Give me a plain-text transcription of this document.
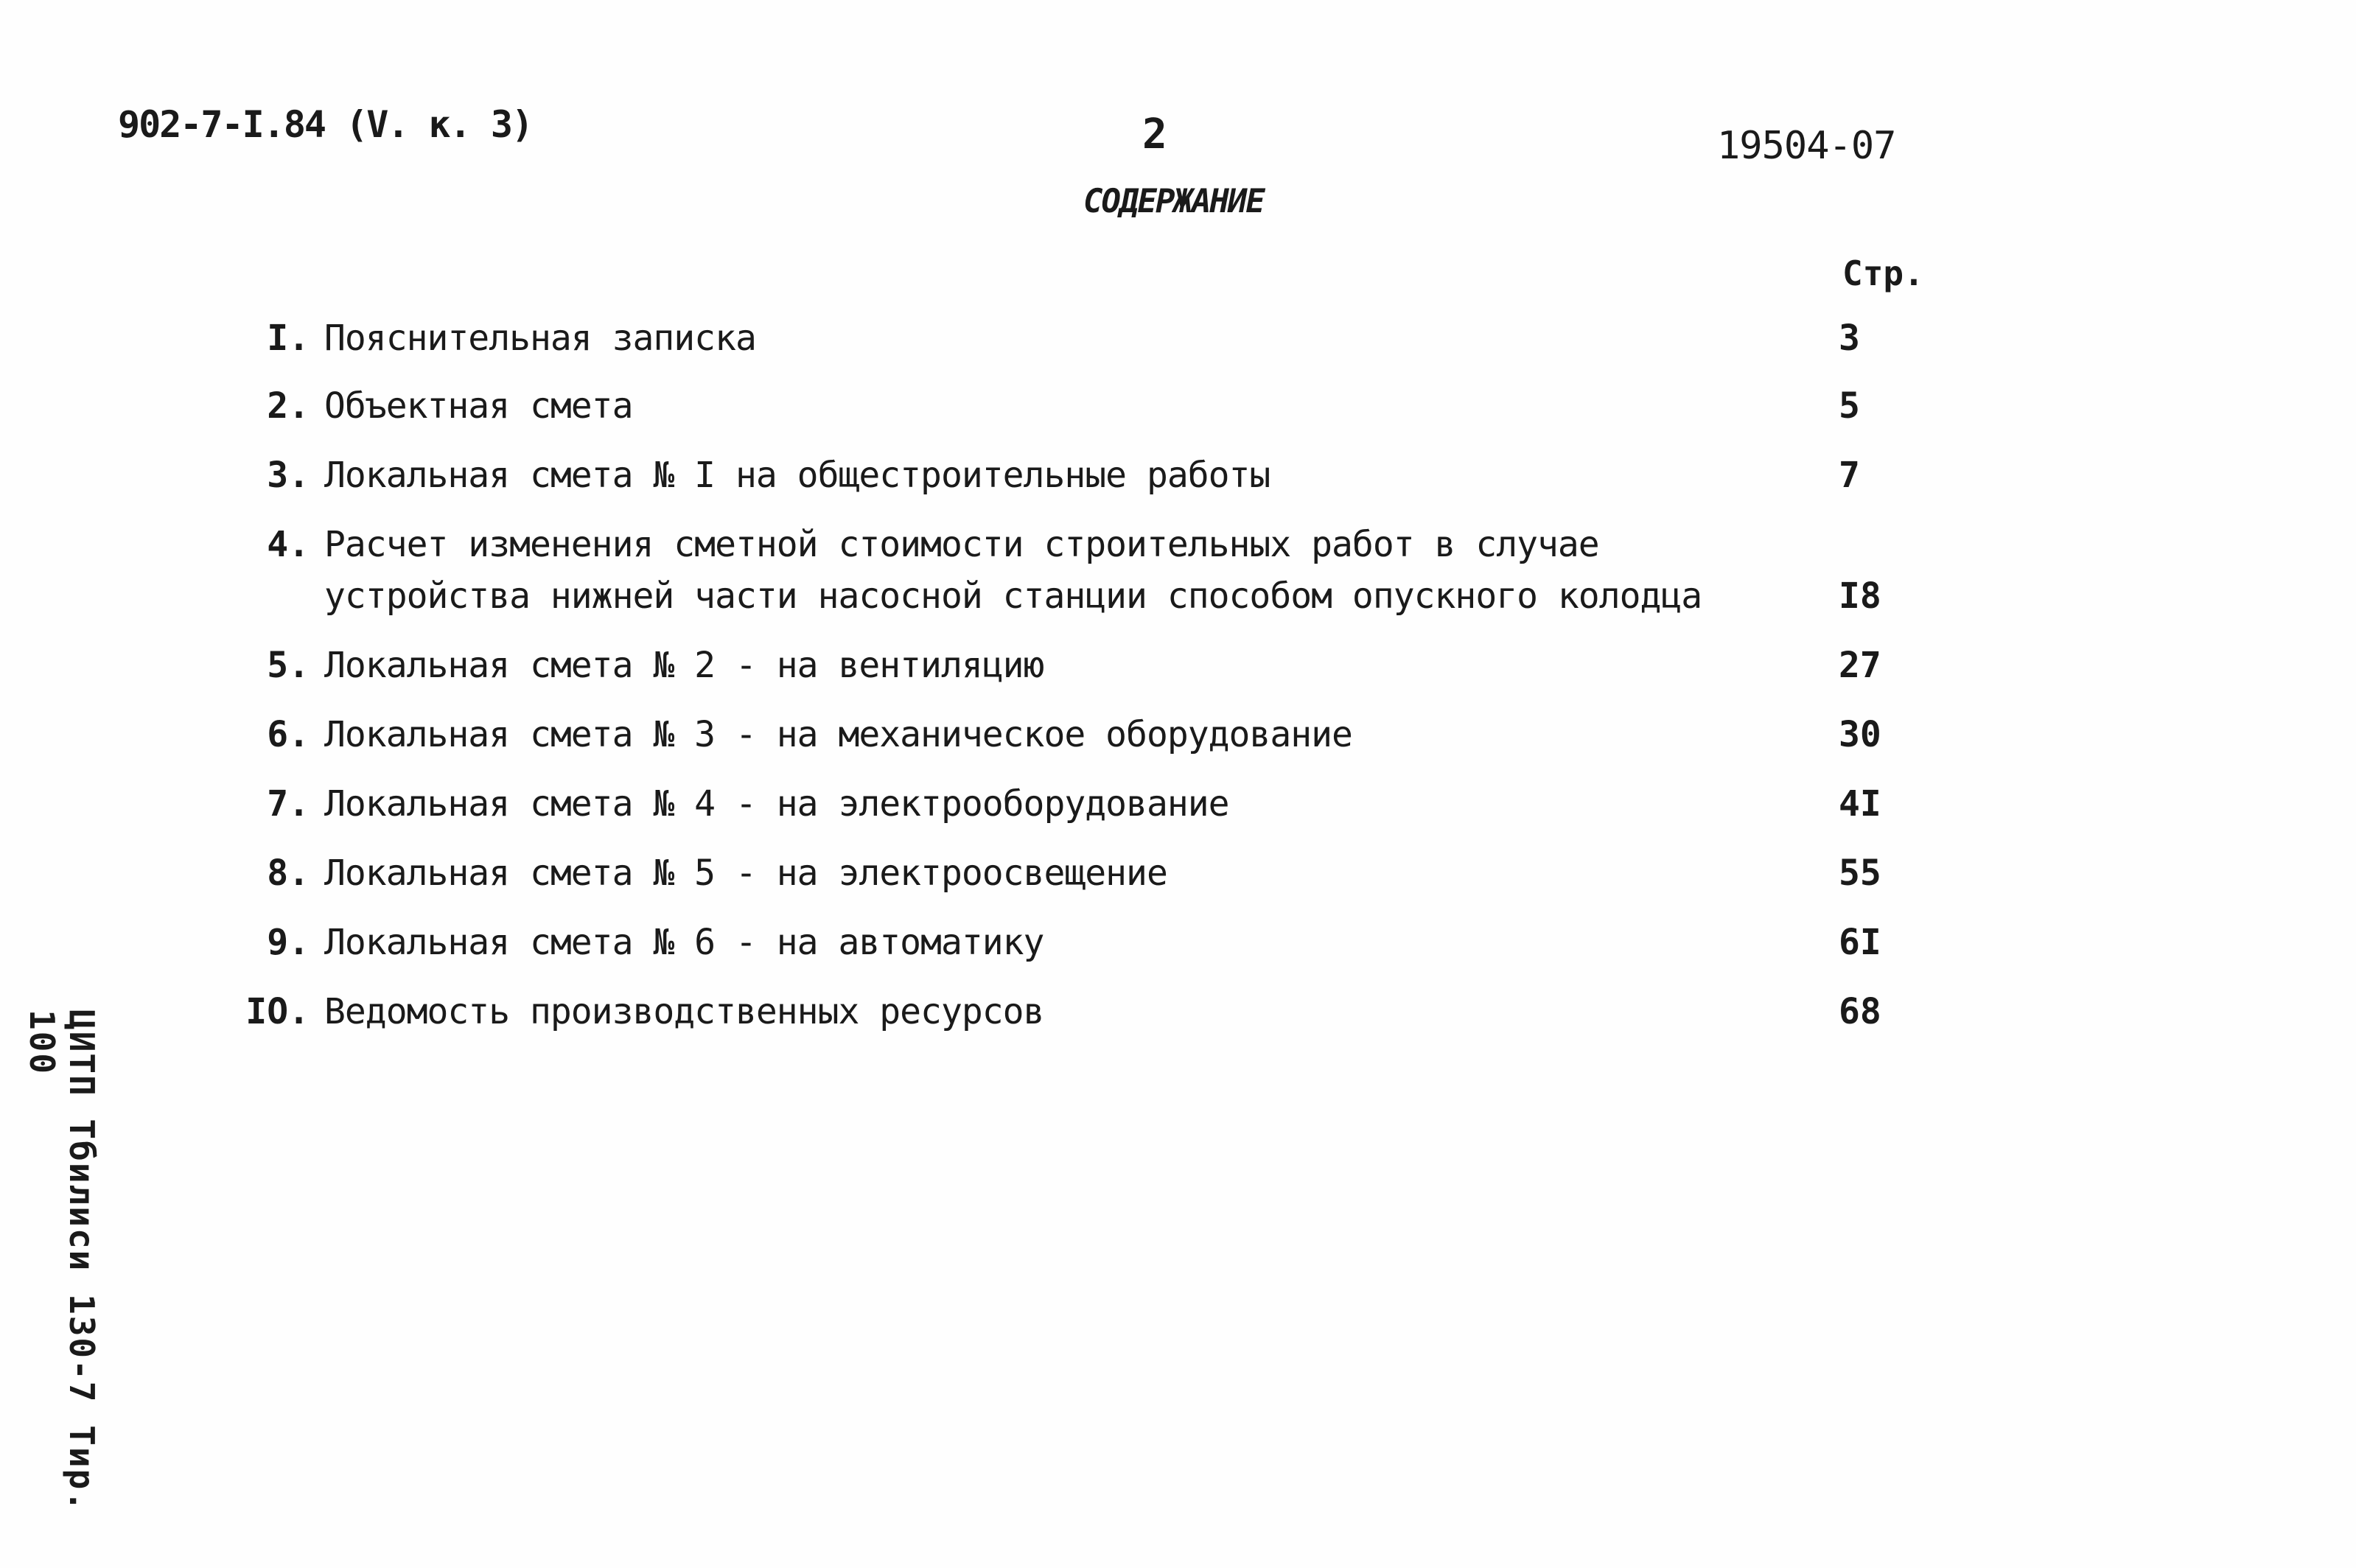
902-7-I.84 (V. к. 3)	2	19504-07
СОДЕРЖАНИЕ
Стр.
I. Пояснительная записка	3
2. Объектная смета	5
3. Локальная смета № I на общестроительные работы	7
4. Расчет изменения сметной стоимости строительных работ в случае устройства нижней части насосной станции способом опускного колодца	I8
5. Локальная смета № 2 - на вентиляцию	27
6. Локальная смета № 3 - на механическое оборудование	30
7. Локальная смета № 4 - на электрооборудование	4I
8. Локальная смета № 5 - на электроосвещение	55
9. Локальная смета № 6 - на автоматику	6I
IO. Ведомость производственных ресурсов	68
ЦИТП Тбилиси 130-7 Тир. 100
